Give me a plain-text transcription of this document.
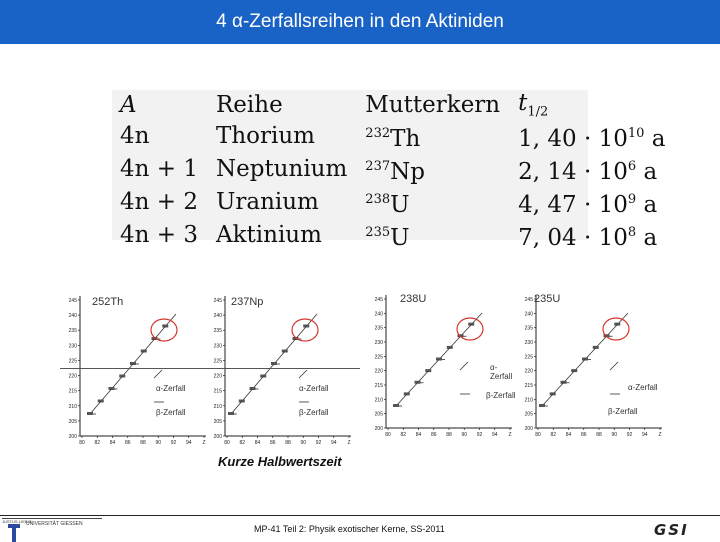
4 α-Zerfallsreihen in den Aktiniden
A	Reihe	Mutterkern	$t_{1/2}$
4n	Thorium	$^{232}$Th	1, $40 \cdot 10^{10}$ a
4n + 1	Neptunium	$^{237}$Np	2, $14 \cdot 10^6$ a
4n + 2	Uranium	$^{238}$U	4, $47 \cdot 10^9$ a
4n + 3	Aktinium	$^{235}$U	7, $04 \cdot 10^8$ a
245
240
235
230
225
220
215
210
205
200
80 82 84 86 88 90 92 94 Z
252Th
α-Zerfall
β-Zerfall
245
240
235
230
225
220
215
210
205
200
80 82 84 86 88 90 92 94 Z
237Np
α-Zerfall
β-Zerfall
245
240
235
230
225
220
215
210
205
200
80 82 84 86 88 90 92 94 Z
238U
α-Zerfall
β-Zerfall
245
240
235
230
225
220
215
210
205
200
80 82 84 86 88 90 92 94 Z
235U
α-Zerfall
β-Zerfall
Kurze Halbwertszeit
JUSTUS-LIEBIG
UNIVERSITÄT GIESSEN	MP-41 Teil 2: Physik exotischer Kerne, SS-2011	GSI
